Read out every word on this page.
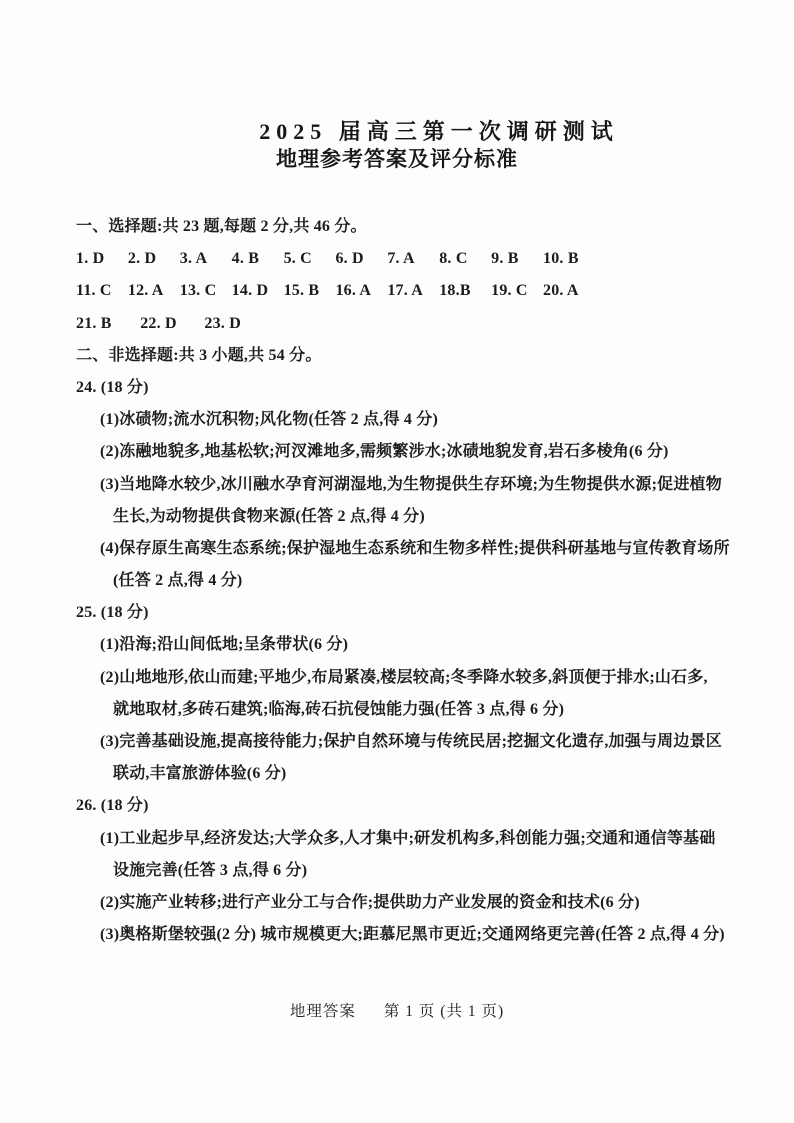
2025 届高三第一次调研测试
地理参考答案及评分标准
一、选择题:共 23 题,每题 2 分,共 46 分。
1. D 2. D 3. A 4. B 5. C 6. D 7. A 8. C 9. B 10. B
11. C 12. A 13. C 14. D 15. B 16. A 17. A 18.B 19. C 20. A
21. B 22. D 23. D
二、非选择题:共 3 小题,共 54 分。
24. (18 分)
(1)冰碛物;流水沉积物;风化物(任答 2 点,得 4 分)
(2)冻融地貌多,地基松软;河汊滩地多,需频繁涉水;冰碛地貌发育,岩石多棱角(6 分)
(3)当地降水较少,冰川融水孕育河湖湿地,为生物提供生存环境;为生物提供水源;促进植物
生长,为动物提供食物来源(任答 2 点,得 4 分)
(4)保存原生高寒生态系统;保护湿地生态系统和生物多样性;提供科研基地与宣传教育场所
(任答 2 点,得 4 分)
25. (18 分)
(1)沿海;沿山间低地;呈条带状(6 分)
(2)山地地形,依山而建;平地少,布局紧凑,楼层较高;冬季降水较多,斜顶便于排水;山石多,
就地取材,多砖石建筑;临海,砖石抗侵蚀能力强(任答 3 点,得 6 分)
(3)完善基础设施,提高接待能力;保护自然环境与传统民居;挖掘文化遗存,加强与周边景区
联动,丰富旅游体验(6 分)
26. (18 分)
(1)工业起步早,经济发达;大学众多,人才集中;研发机构多,科创能力强;交通和通信等基础
设施完善(任答 3 点,得 6 分)
(2)实施产业转移;进行产业分工与合作;提供助力产业发展的资金和技术(6 分)
(3)奥格斯堡较强(2 分) 城市规模更大;距慕尼黑市更近;交通网络更完善(任答 2 点,得 4 分)
地理答案 第 1 页 (共 1 页)
